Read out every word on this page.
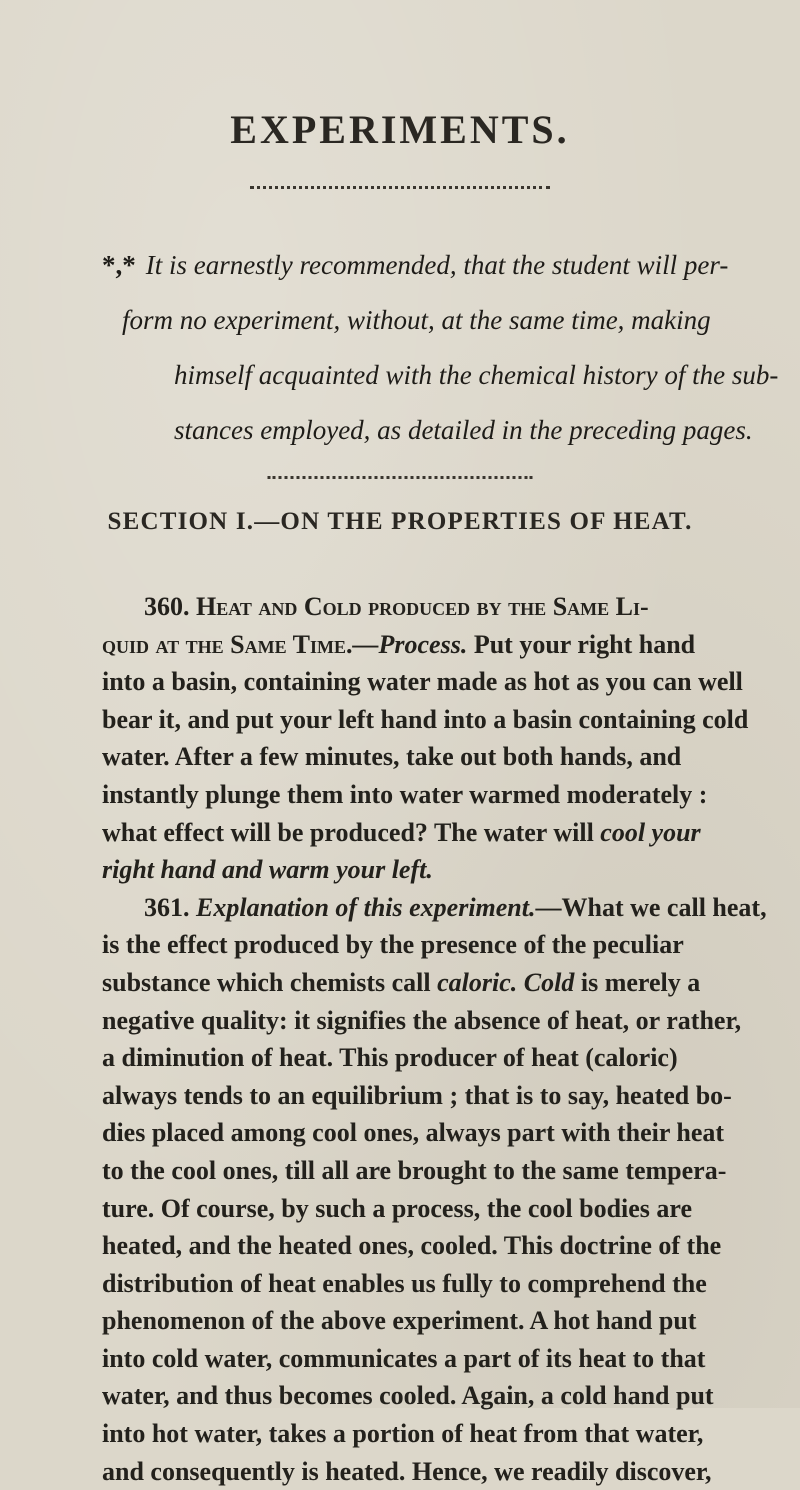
EXPERIMENTS.
*,* It is earnestly recommended, that the student will per-
form no experiment, without, at the same time, making
himself acquainted with the chemical history of the sub-
stances employed, as detailed in the preceding pages.
SECTION I.—ON THE PROPERTIES OF HEAT.
360. Heat and Cold produced by the Same Li-
quid at the Same Time.—Process. Put your right hand
into a basin, containing water made as hot as you can well
bear it, and put your left hand into a basin containing cold
water. After a few minutes, take out both hands, and
instantly plunge them into water warmed moderately :
what effect will be produced? The water will cool your
right hand and warm your left.
361. Explanation of this experiment.—What we call heat,
is the effect produced by the presence of the peculiar
substance which chemists call caloric. Cold is merely a
negative quality: it signifies the absence of heat, or rather,
a diminution of heat. This producer of heat (caloric)
always tends to an equilibrium ; that is to say, heated bo-
dies placed among cool ones, always part with their heat
to the cool ones, till all are brought to the same tempera-
ture. Of course, by such a process, the cool bodies are
heated, and the heated ones, cooled. This doctrine of the
distribution of heat enables us fully to comprehend the
phenomenon of the above experiment. A hot hand put
into cold water, communicates a part of its heat to that
water, and thus becomes cooled. Again, a cold hand put
into hot water, takes a portion of heat from that water,
and consequently is heated. Hence, we readily discover,
